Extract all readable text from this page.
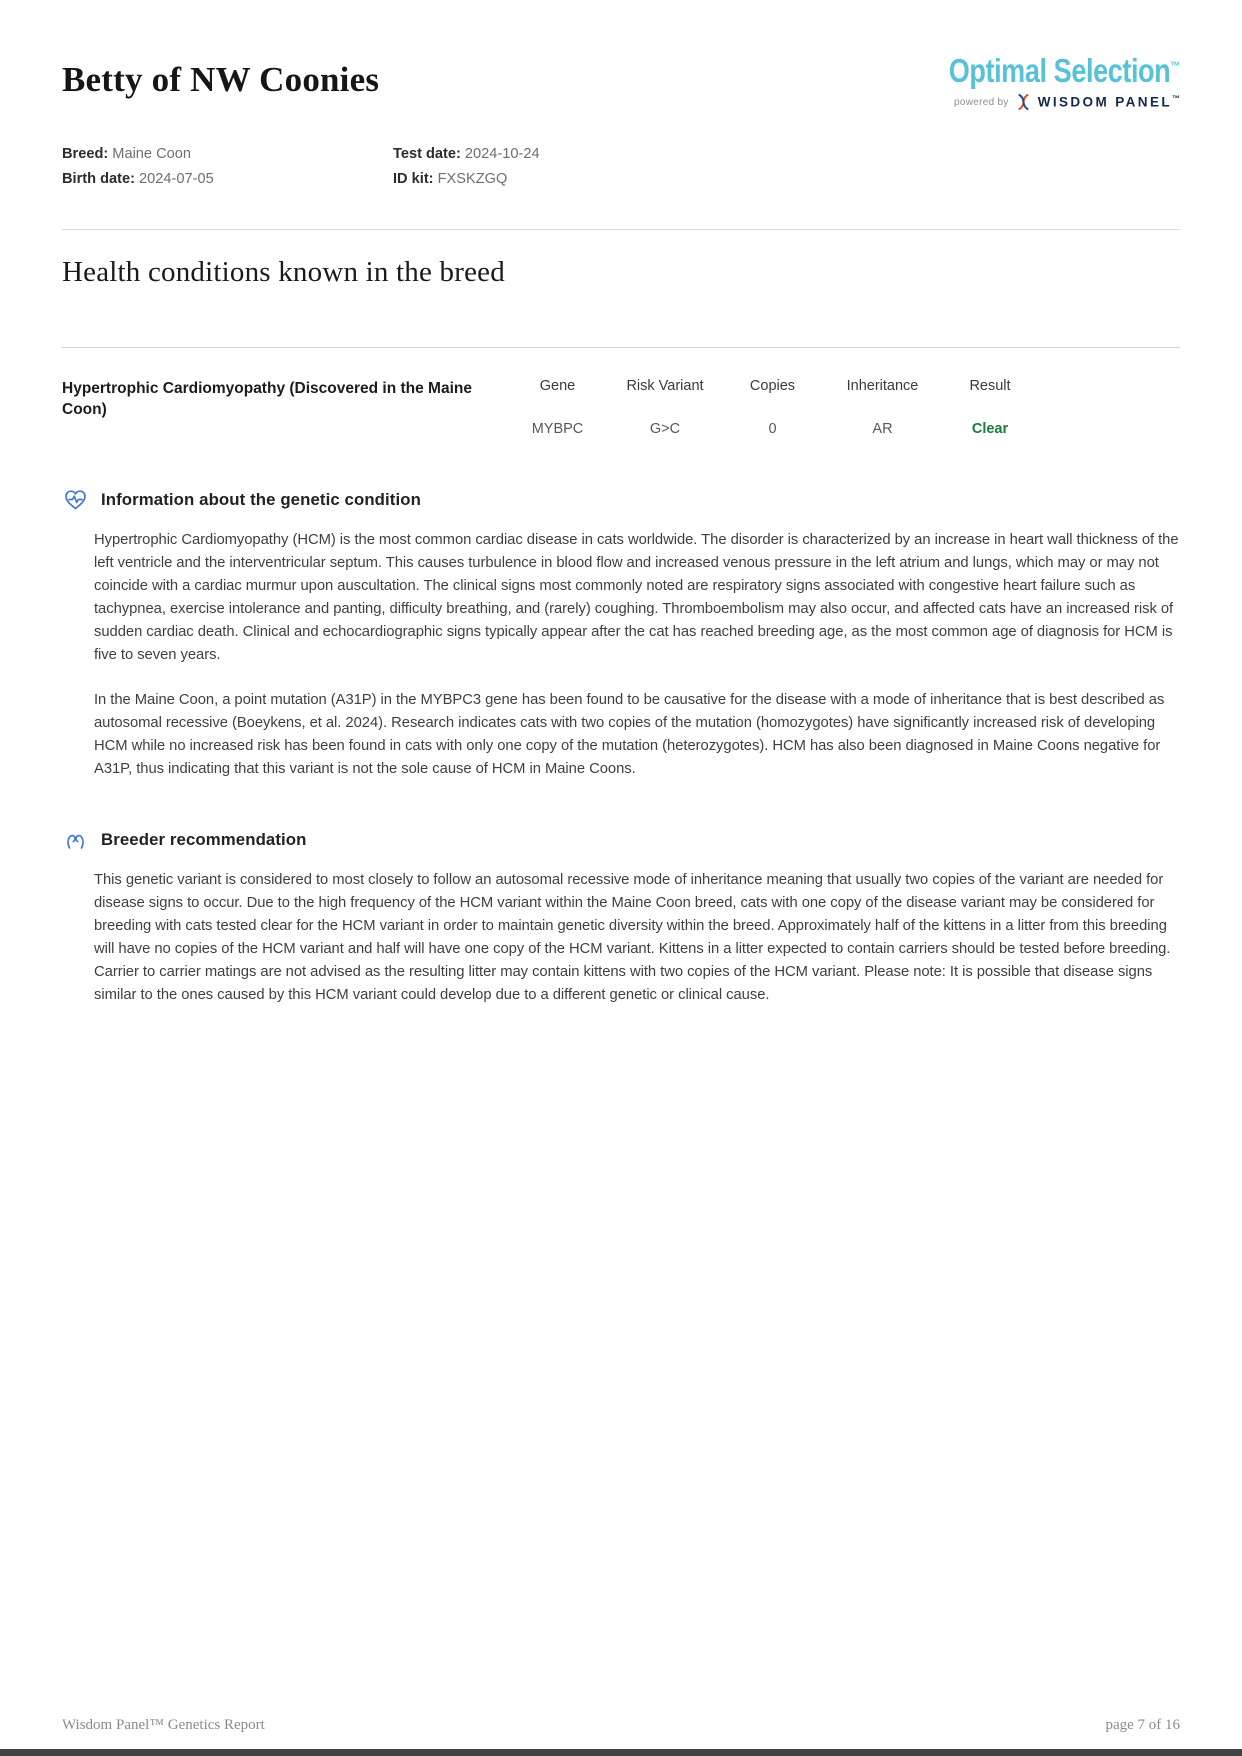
Betty of NW Coonies	Optimal Selection™
powered by WISDOM PANEL™
Breed: Maine Coon	Test date: 2024-10-24
Birth date: 2024-07-05	ID kit: FXSKZGQ
Health conditions known in the breed
Hypertrophic Cardiomyopathy (Discovered in the Maine Coon)
Gene	Risk Variant	Copies	Inheritance	Result
MYBPC	G>C	0	AR	Clear
Information about the genetic condition

Hypertrophic Cardiomyopathy (HCM) is the most common cardiac disease in cats worldwide. The disorder is characterized by an increase in heart wall thickness of the left ventricle and the interventricular septum. This causes turbulence in blood flow and increased venous pressure in the left atrium and lungs, which may or may not coincide with a cardiac murmur upon auscultation. The clinical signs most commonly noted are respiratory signs associated with congestive heart failure such as tachypnea, exercise intolerance and panting, difficulty breathing, and (rarely) coughing. Thromboembolism may also occur, and affected cats have an increased risk of sudden cardiac death. Clinical and echocardiographic signs typically appear after the cat has reached breeding age, as the most common age of diagnosis for HCM is five to seven years.

In the Maine Coon, a point mutation (A31P) in the MYBPC3 gene has been found to be causative for the disease with a mode of inheritance that is best described as autosomal recessive (Boeykens, et al. 2024). Research indicates cats with two copies of the mutation (homozygotes) have significantly increased risk of developing HCM while no increased risk has been found in cats with only one copy of the mutation (heterozygotes). HCM has also been diagnosed in Maine Coons negative for A31P, thus indicating that this variant is not the sole cause of HCM in Maine Coons.

Breeder recommendation

This genetic variant is considered to most closely to follow an autosomal recessive mode of inheritance meaning that usually two copies of the variant are needed for disease signs to occur. Due to the high frequency of the HCM variant within the Maine Coon breed, cats with one copy of the disease variant may be considered for breeding with cats tested clear for the HCM variant in order to maintain genetic diversity within the breed. Approximately half of the kittens in a litter from this breeding will have no copies of the HCM variant and half will have one copy of the HCM variant. Kittens in a litter expected to contain carriers should be tested before breeding. Carrier to carrier matings are not advised as the resulting litter may contain kittens with two copies of the HCM variant. Please note: It is possible that disease signs similar to the ones caused by this HCM variant could develop due to a different genetic or clinical cause.

Wisdom Panel™ Genetics Report	page 7 of 16
